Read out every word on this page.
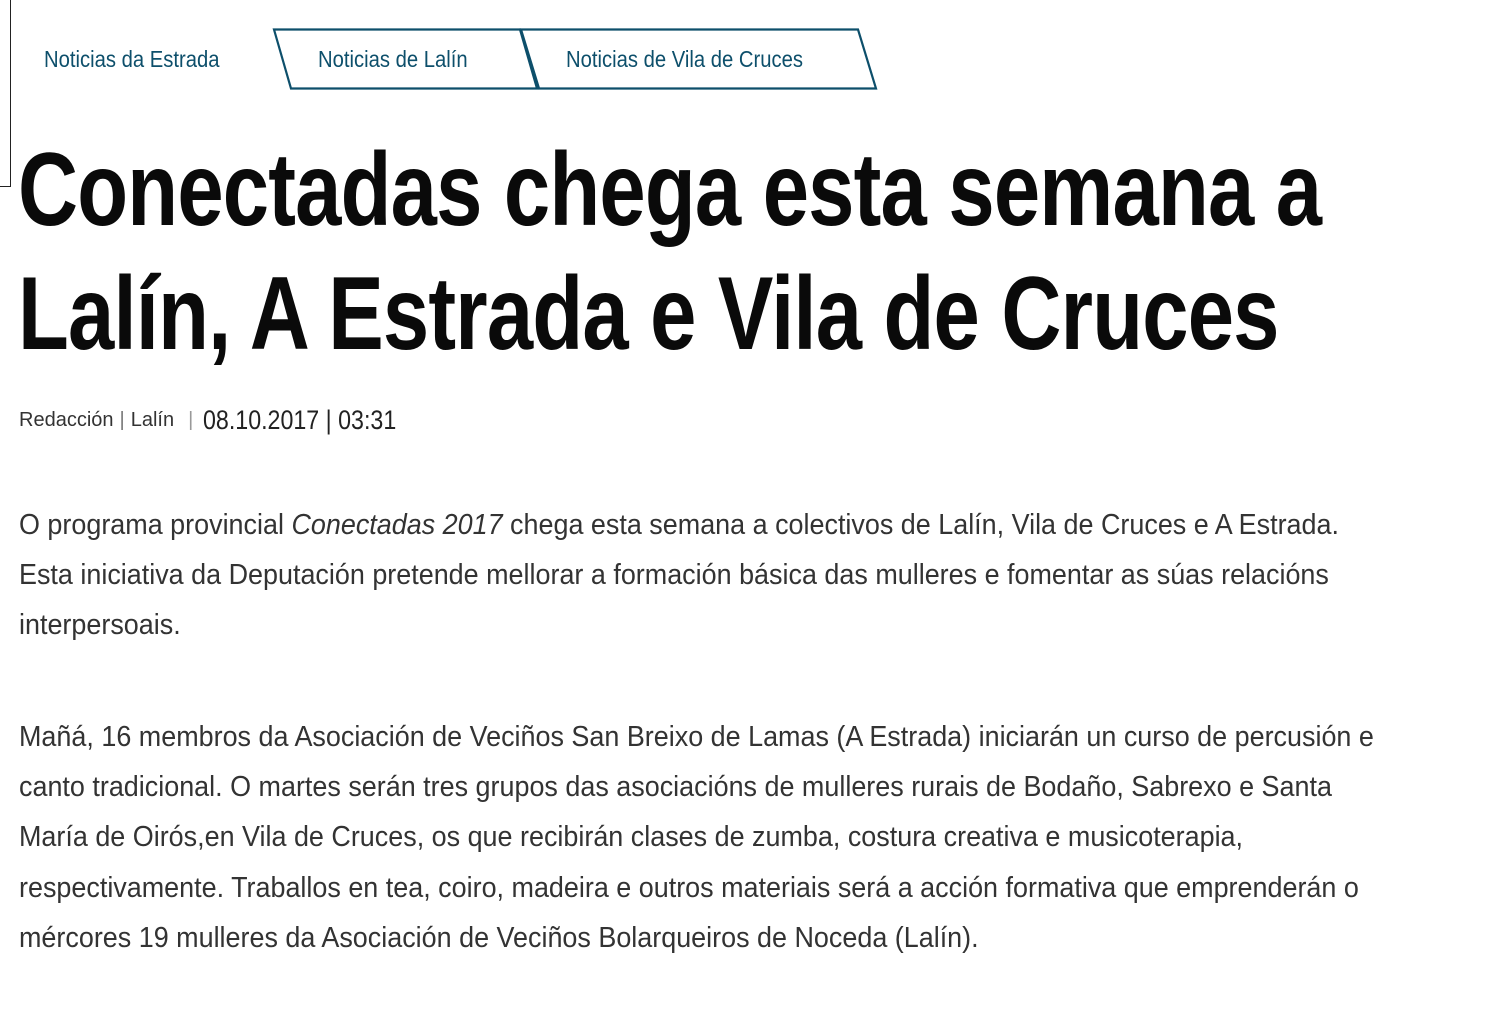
Noticias da Estrada	Noticias de Lalín	Noticias de Vila de Cruces
Conectadas chega esta semana a
Lalín, A Estrada e Vila de Cruces
Redacción | Lalín | 08.10.2017 | 03:31

O programa provincial Conectadas 2017 chega esta semana a colectivos de Lalín, Vila de Cruces e A Estrada. Esta iniciativa da Deputación pretende mellorar a formación básica das mulleres e fomentar as súas relacións interpersoais.

Mañá, 16 membros da Asociación de Veciños San Breixo de Lamas (A Estrada) iniciarán un curso de percusión e canto tradicional. O martes serán tres grupos das asociacións de mulleres rurais de Bodaño, Sabrexo e Santa María de Oirós,en Vila de Cruces, os que recibirán clases de zumba, costura creativa e musicoterapia, respectivamente. Traballos en tea, coiro, madeira e outros materiais será a acción formativa que emprenderán o mércores 19 mulleres da Asociación de Veciños Bolarqueiros de Noceda (Lalín).
